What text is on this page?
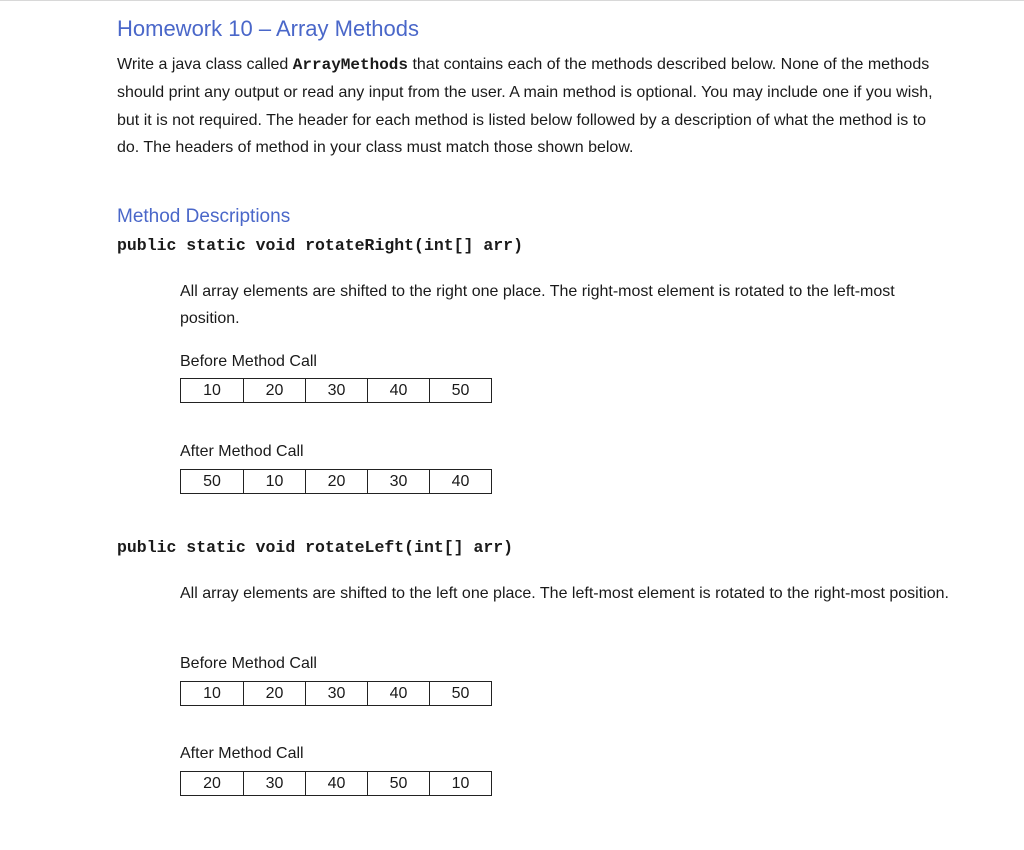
Homework 10 – Array Methods
Write a java class called ArrayMethods that contains each of the methods described below. None of the methods should print any output or read any input from the user. A main method is optional. You may include one if you wish, but it is not required. The header for each method is listed below followed by a description of what the method is to do. The headers of method in your class must match those shown below.
Method Descriptions
public static void rotateRight(int[] arr)
All array elements are shifted to the right one place. The right-most element is rotated to the left-most position.
Before Method Call
10	20	30	40	50
After Method Call
50	10	20	30	40
public static void rotateLeft(int[] arr)
All array elements are shifted to the left one place. The left-most element is rotated to the right-most position.
Before Method Call
10	20	30	40	50
After Method Call
20	30	40	50	10
